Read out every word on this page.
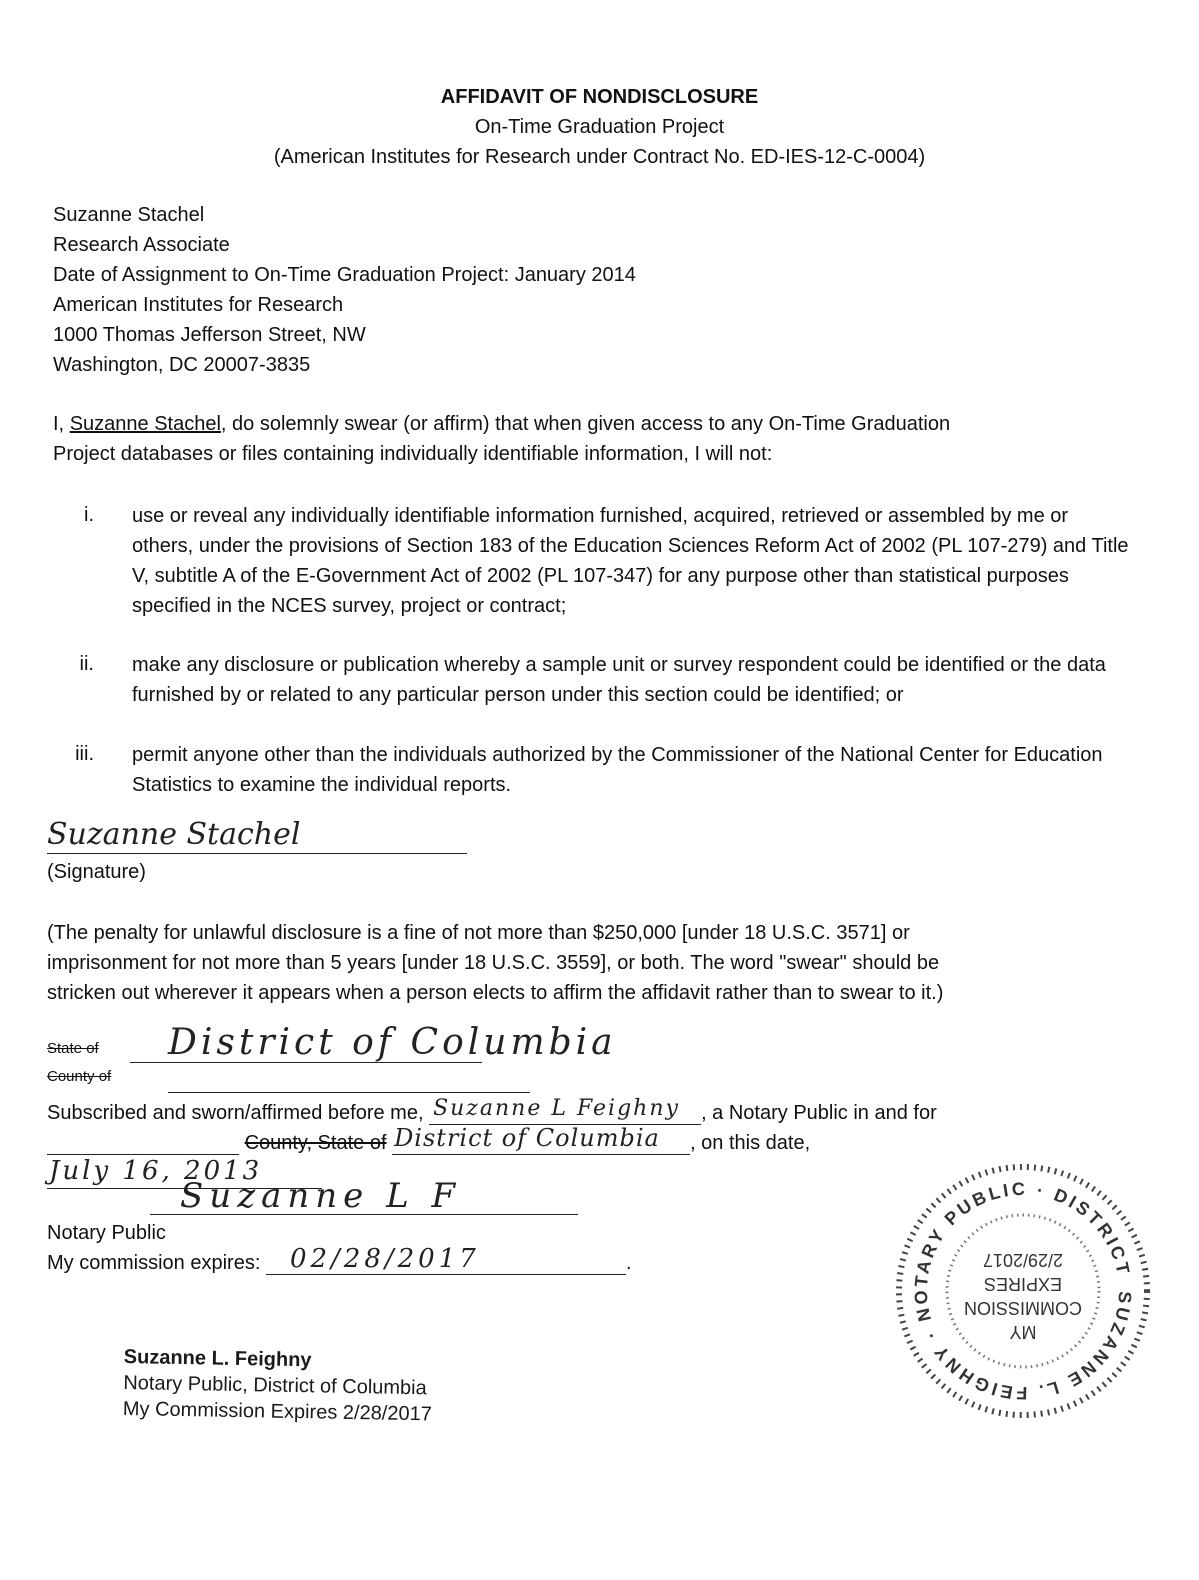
AFFIDAVIT OF NONDISCLOSURE
On-Time Graduation Project
(American Institutes for Research under Contract No. ED-IES-12-C-0004)
Suzanne Stachel
Research Associate
Date of Assignment to On-Time Graduation Project: January 2014
American Institutes for Research
1000 Thomas Jefferson Street, NW
Washington, DC 20007-3835
I, Suzanne Stachel, do solemnly swear (or affirm) that when given access to any On-Time Graduation
Project databases or files containing individually identifiable information, I will not:
i. use or reveal any individually identifiable information furnished, acquired, retrieved or assembled by me or others, under the provisions of Section 183 of the Education Sciences Reform Act of 2002 (PL 107-279) and Title V, subtitle A of the E-Government Act of 2002 (PL 107-347) for any purpose other than statistical purposes specified in the NCES survey, project or contract;
ii. make any disclosure or publication whereby a sample unit or survey respondent could be identified or the data furnished by or related to any particular person under this section could be identified; or
iii. permit anyone other than the individuals authorized by the Commissioner of the National Center for Education Statistics to examine the individual reports.
Suzanne Stachel
(Signature)
(The penalty for unlawful disclosure is a fine of not more than $250,000 [under 18 U.S.C. 3571] or
imprisonment for not more than 5 years [under 18 U.S.C. 3559], or both. The word "swear" should be
stricken out wherever it appears when a person elects to affirm the affidavit rather than to swear to it.)
State of District of Columbia
County of
Subscribed and sworn/affirmed before me, Suzanne L Feighny , a Notary Public in and for
County, State of District of Columbia , on this date,
July 16, 2013
Suzanne L F
Notary Public
My commission expires: 02/28/2017	.
Suzanne L. Feighny
Notary Public, District of Columbia
My Commission Expires 2/28/2017
SUZANNE L. FEIGHNY · NOTARY PUBLIC · DISTRICT
MY
COMMISSION
EXPIRES
2/29/2017
